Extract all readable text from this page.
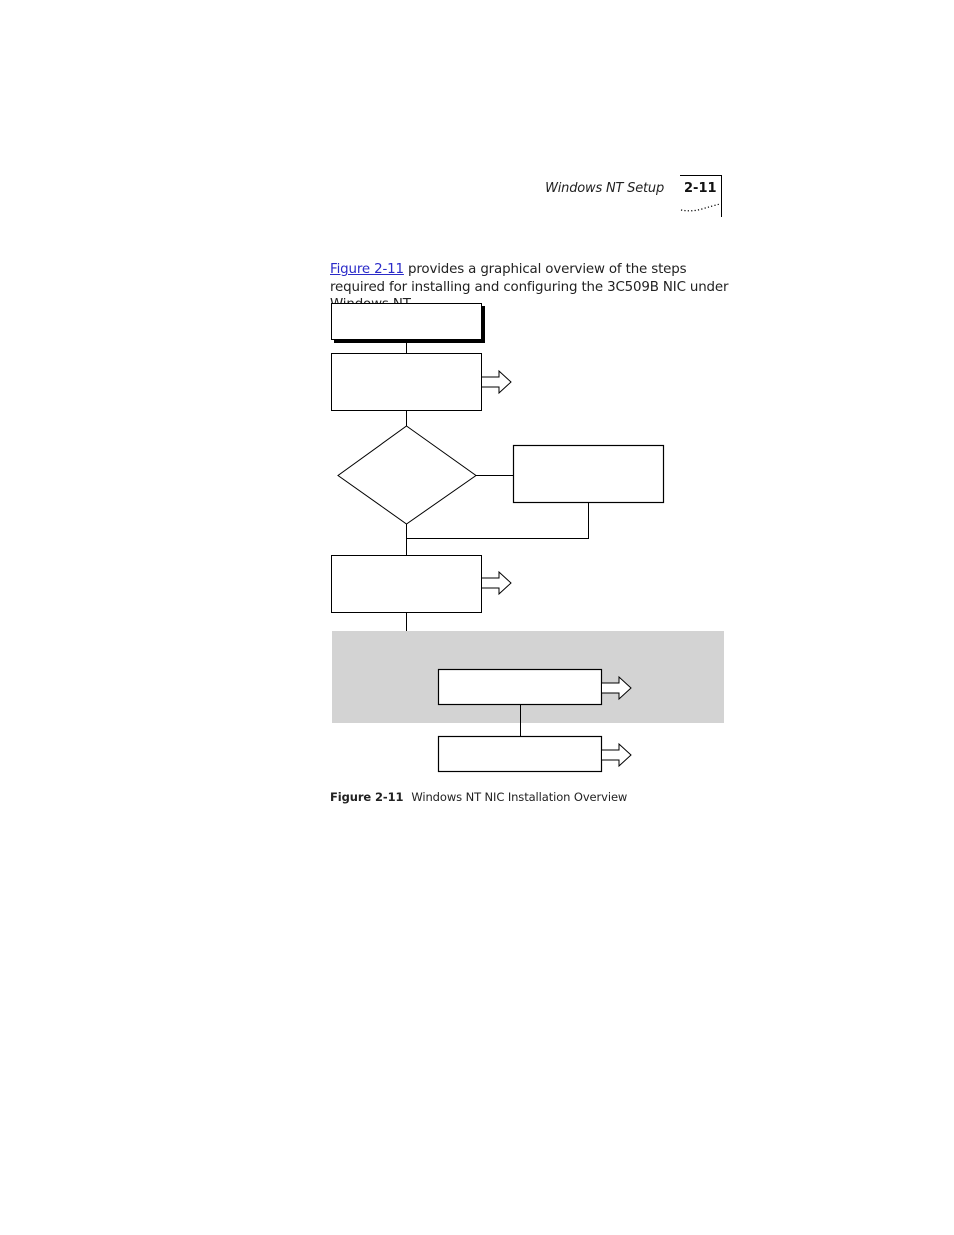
Windows NT Setup 2-11

Figure 2-11 provides a graphical overview of the steps required for installing and configuring the 3C509B NIC under

Figure 2-11 Windows NT NIC Installation Overview
